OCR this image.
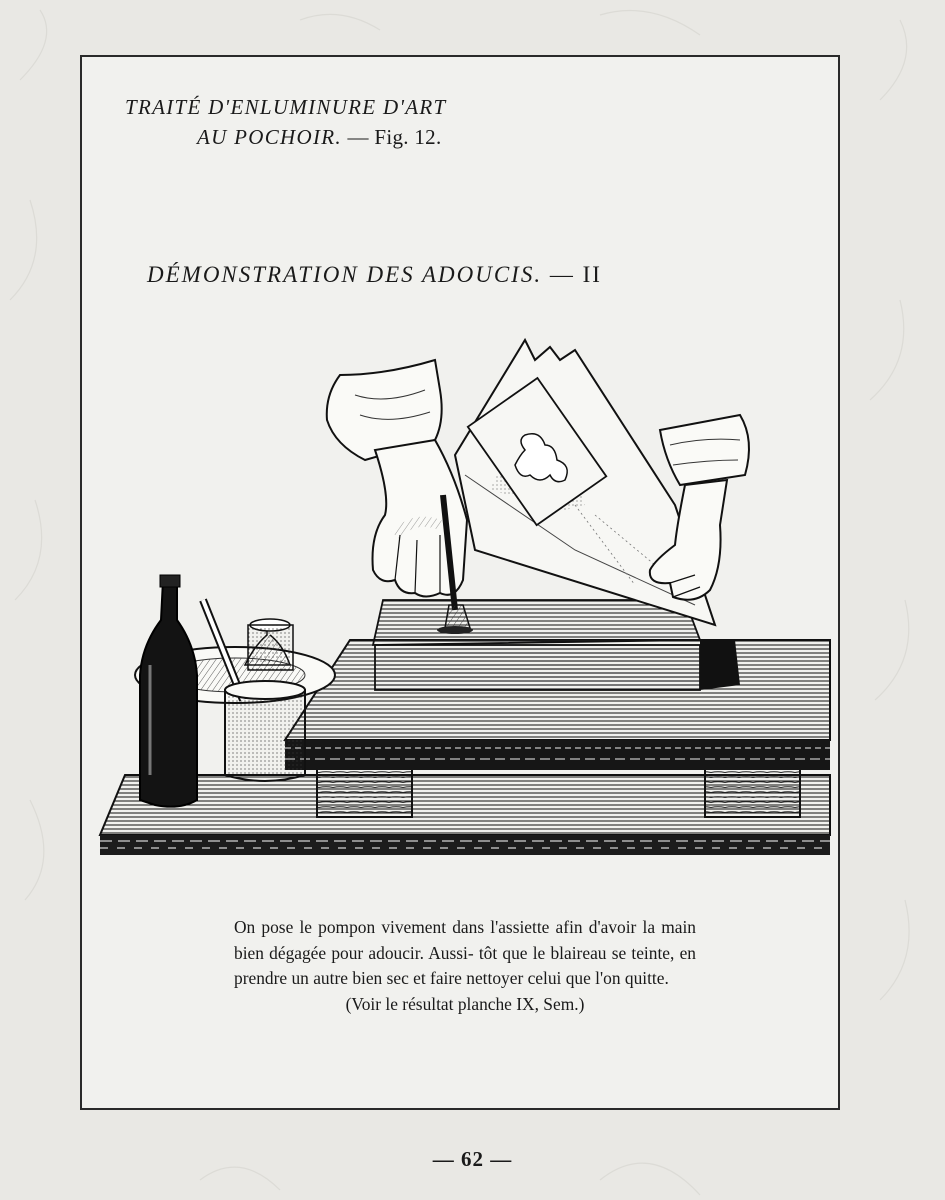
TRAITÉ D'ENLUMINURE D'ART
AU POCHOIR. — Fig. 12.
DÉMONSTRATION DES ADOUCIS. — II
On pose le pompon vivement dans l'assiette afin d'avoir la main bien dégagée pour adoucir. Aussi- tôt que le blaireau se teinte, en prendre un autre bien sec et faire nettoyer celui que l'on quitte.
(Voir le résultat planche IX, Sem.)
— 62 —
